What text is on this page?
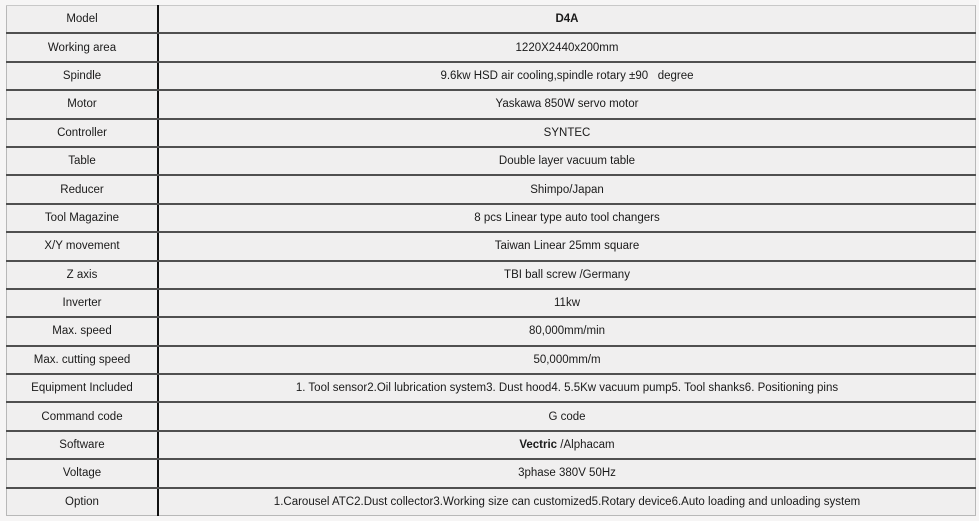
Model	D4A
Working area	1220X2440x200mm
Spindle	9.6kw HSD air cooling,spindle rotary ±90   degree
Motor	Yaskawa 850W servo motor
Controller	SYNTEC
Table	Double layer vacuum table
Reducer	Shimpo/Japan
Tool Magazine	8 pcs Linear type auto tool changers
X/Y movement	Taiwan Linear 25mm square
Z axis	TBI ball screw /Germany
Inverter	11kw
Max. speed	80,000mm/min
Max. cutting speed	50,000mm/m
Equipment Included	1. Tool sensor2.Oil lubrication system3. Dust hood4. 5.5Kw vacuum pump5. Tool shanks6. Positioning pins
Command code	G code
Software	Vectric /Alphacam
Voltage	3phase 380V 50Hz
Option	1.Carousel ATC2.Dust collector3.Working size can customized5.Rotary device6.Auto loading and unloading system
